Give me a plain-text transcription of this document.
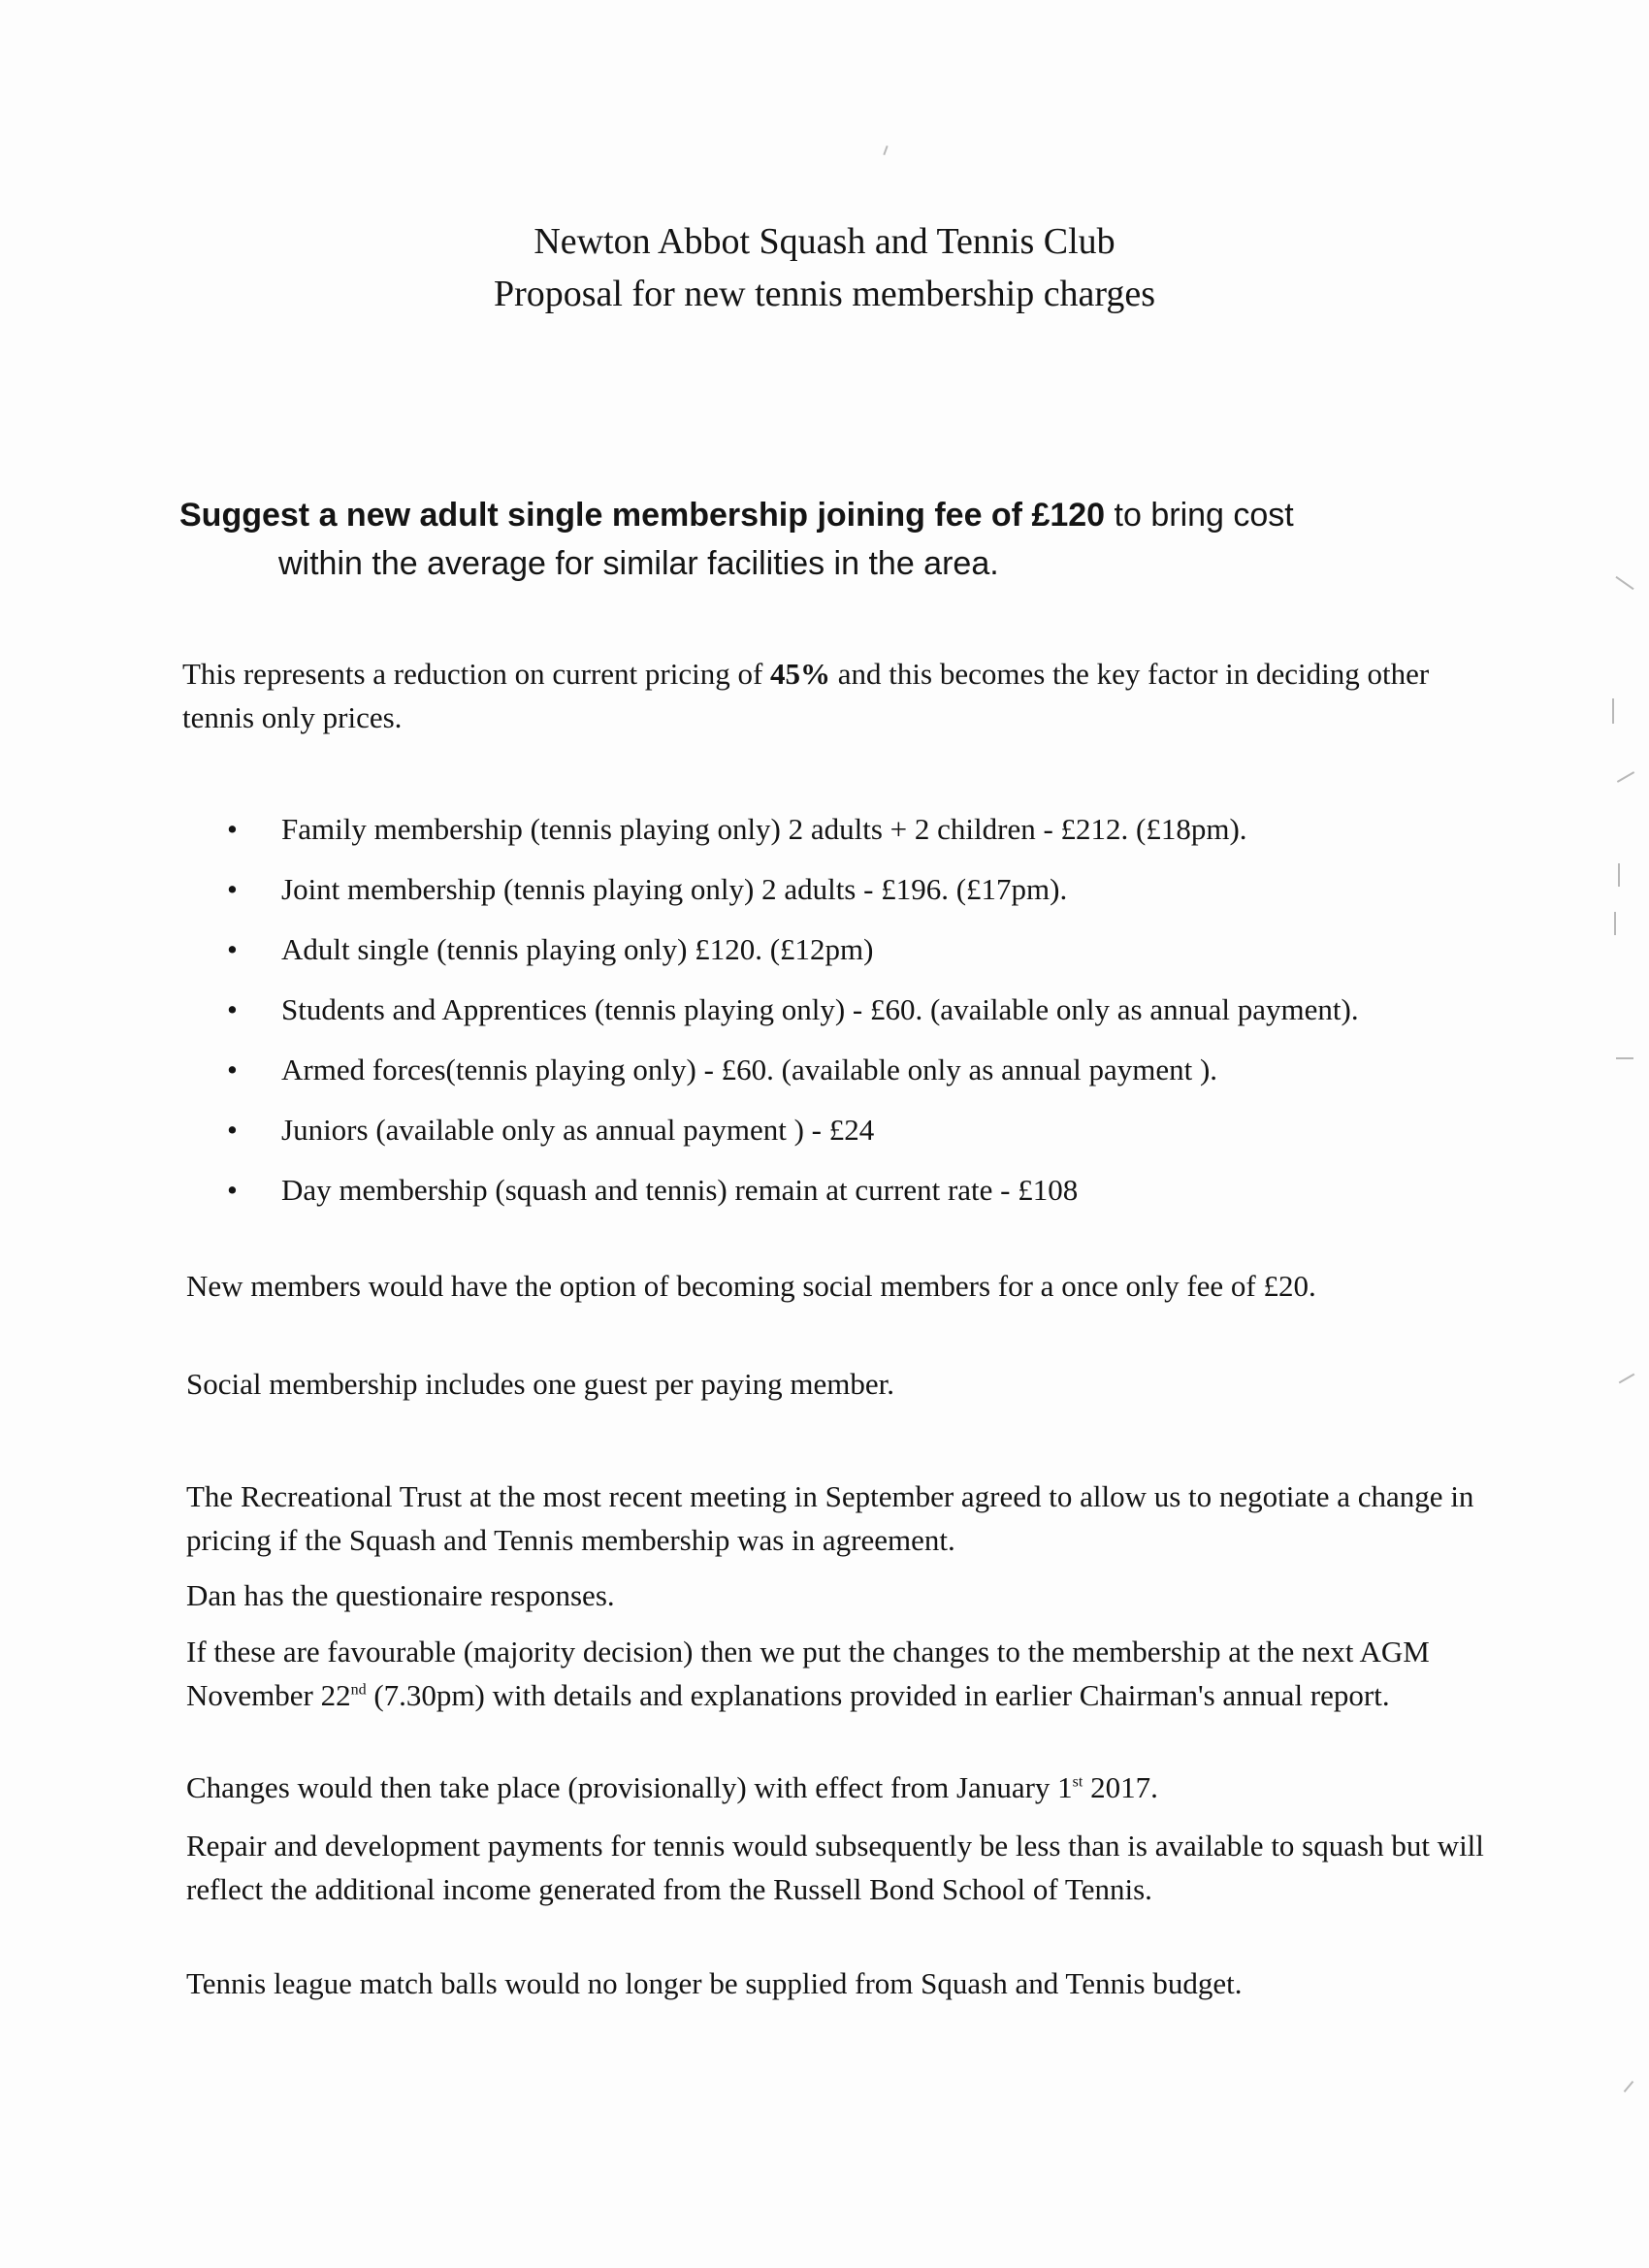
Newton Abbot Squash and Tennis Club
Proposal for new tennis membership charges
Suggest a new adult single membership joining fee of £120 to bring cost
within the average for similar facilities in the area.
This represents a reduction on current pricing of 45% and this becomes the key factor in deciding other tennis only prices.
• Family membership (tennis playing only) 2 adults + 2 children - £212. (£18pm).
• Joint membership (tennis playing only) 2 adults - £196. (£17pm).
• Adult single (tennis playing only) £120. (£12pm)
• Students and Apprentices (tennis playing only) - £60. (available only as annual payment).
• Armed forces(tennis playing only) - £60. (available only as annual payment ).
• Juniors (available only as annual payment ) - £24
• Day membership (squash and tennis) remain at current rate - £108
New members would have the option of becoming social members for a once only fee of £20.
Social membership includes one guest per paying member.
The Recreational Trust at the most recent meeting in September agreed to allow us to negotiate a change in pricing if the Squash and Tennis membership was in agreement.
Dan has the questionaire responses.
If these are favourable (majority decision) then we put the changes to the membership at the next AGM November 22nd (7.30pm) with details and explanations provided in earlier Chairman's annual report.
Changes would then take place (provisionally) with effect from January 1st 2017.
Repair and development payments for tennis would subsequently be less than is available to squash but will reflect the additional income generated from the Russell Bond School of Tennis.
Tennis league match balls would no longer be supplied from Squash and Tennis budget.
